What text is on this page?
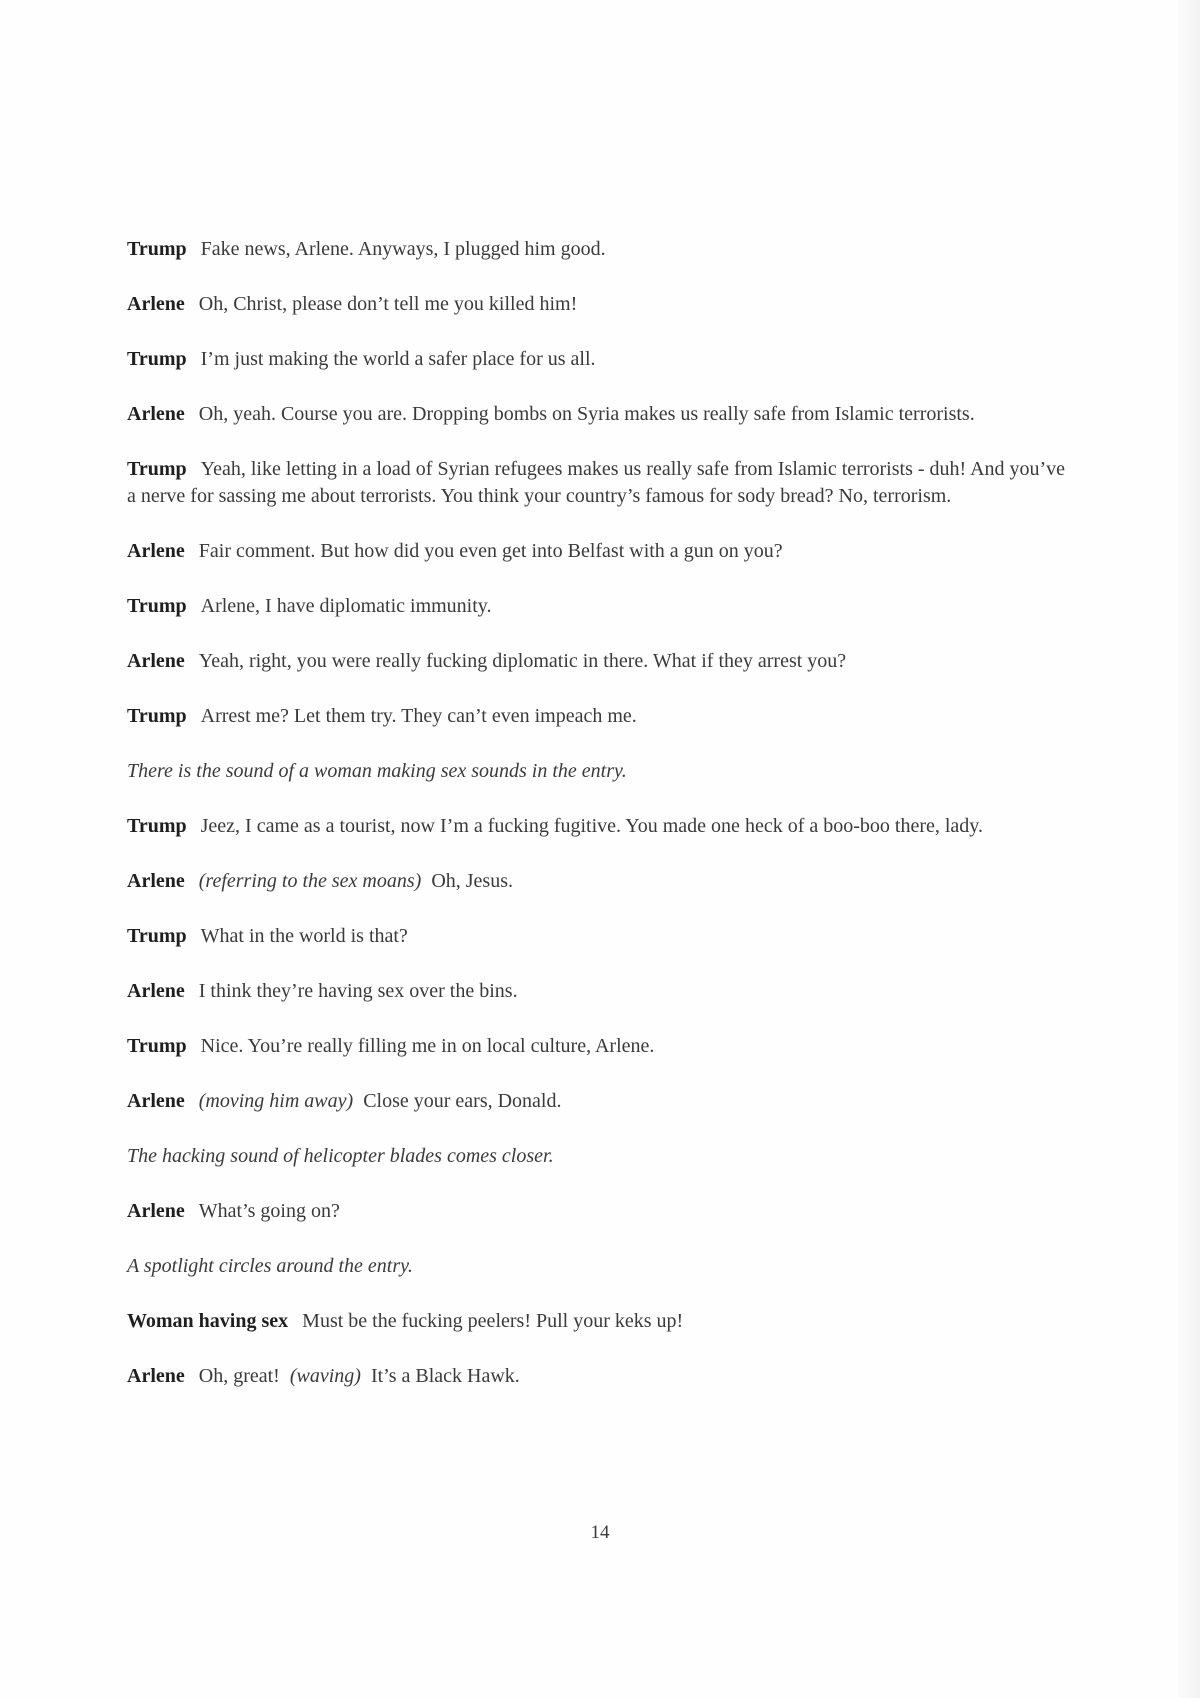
Trump Fake news, Arlene. Anyways, I plugged him good.

Arlene Oh, Christ, please don’t tell me you killed him!

Trump I’m just making the world a safer place for us all.

Arlene Oh, yeah. Course you are. Dropping bombs on Syria makes us really safe from Islamic terrorists.

Trump Yeah, like letting in a load of Syrian refugees makes us really safe from Islamic terrorists - duh! And you’ve a nerve for sassing me about terrorists. You think your country’s famous for sody bread? No, terrorism.

Arlene Fair comment. But how did you even get into Belfast with a gun on you?

Trump Arlene, I have diplomatic immunity.

Arlene Yeah, right, you were really fucking diplomatic in there. What if they arrest you?

Trump Arrest me? Let them try. They can’t even impeach me.

There is the sound of a woman making sex sounds in the entry.

Trump Jeez, I came as a tourist, now I’m a fucking fugitive. You made one heck of a boo-boo there, lady.

Arlene (referring to the sex moans) Oh, Jesus.

Trump What in the world is that?

Arlene I think they’re having sex over the bins.

Trump Nice. You’re really filling me in on local culture, Arlene.

Arlene (moving him away) Close your ears, Donald.

The hacking sound of helicopter blades comes closer.

Arlene What’s going on?

A spotlight circles around the entry.

Woman having sex Must be the fucking peelers! Pull your keks up!

Arlene Oh, great! (waving) It’s a Black Hawk.

14
